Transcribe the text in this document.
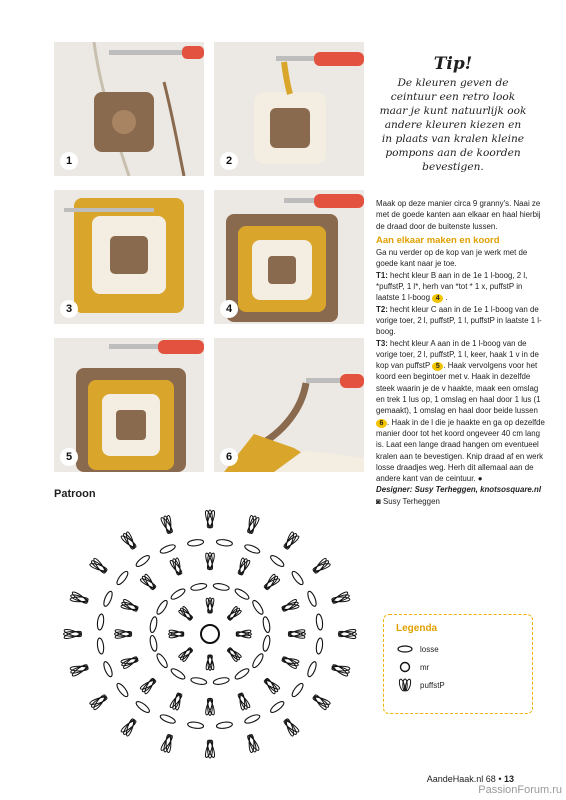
1	2
3	4
5	6
Tip!
De kleuren geven de ceintuur een retro look maar je kunt natuurlijk ook andere kleuren kiezen en in plaats van kralen kleine pompons aan de koorden bevestigen.

Maak op deze manier circa 9 granny's. Naai ze met de goede kanten aan elkaar en haal hierbij de draad door de buitenste lussen.

Aan elkaar maken en koord

Ga nu verder op de kop van je werk met de goede kant naar je toe.

T1: hecht kleur B aan in de 1e 1 l-boog, 2 l, *puffstP, 1 l*, herh van *tot * 1 x, puffstP in laatste 1 l-boog 4 .

T2: hecht kleur C aan in de 1e 1 l-boog van de vorige toer, 2 l, puffstP, 1 l, puffstP in laatste 1 l-boog.

T3: hecht kleur A aan in de 1 l-boog van de vorige toer, 2 l, puffstP, 1 l, keer, haak 1 v in de kop van puffstP 5 . Haak vervolgens voor het koord een begintoer met v. Haak in dezelfde steek waarin je de v haakte, maak een omslag en trek 1 lus op, 1 omslag en haal door 1 lus (1 gemaakt), 1 omslag en haal door beide lussen 6 . Haak in de l die je haakte en ga op dezelfde manier door tot het koord ongeveer 40 cm lang is. Laat een lange draad hangen om eventueel kralen aan te bevestigen. Knip draad af en werk losse draadjes weg. Herh dit allemaal aan de andere kant van de ceintuur. ●

Designer: Susy Terheggen, knotsosquare.nl

◙ Susy Terheggen

Patroon
Legenda
losse
mr
puffstP
AandeHaak.nl 68 • 13
PassionForum.ru
